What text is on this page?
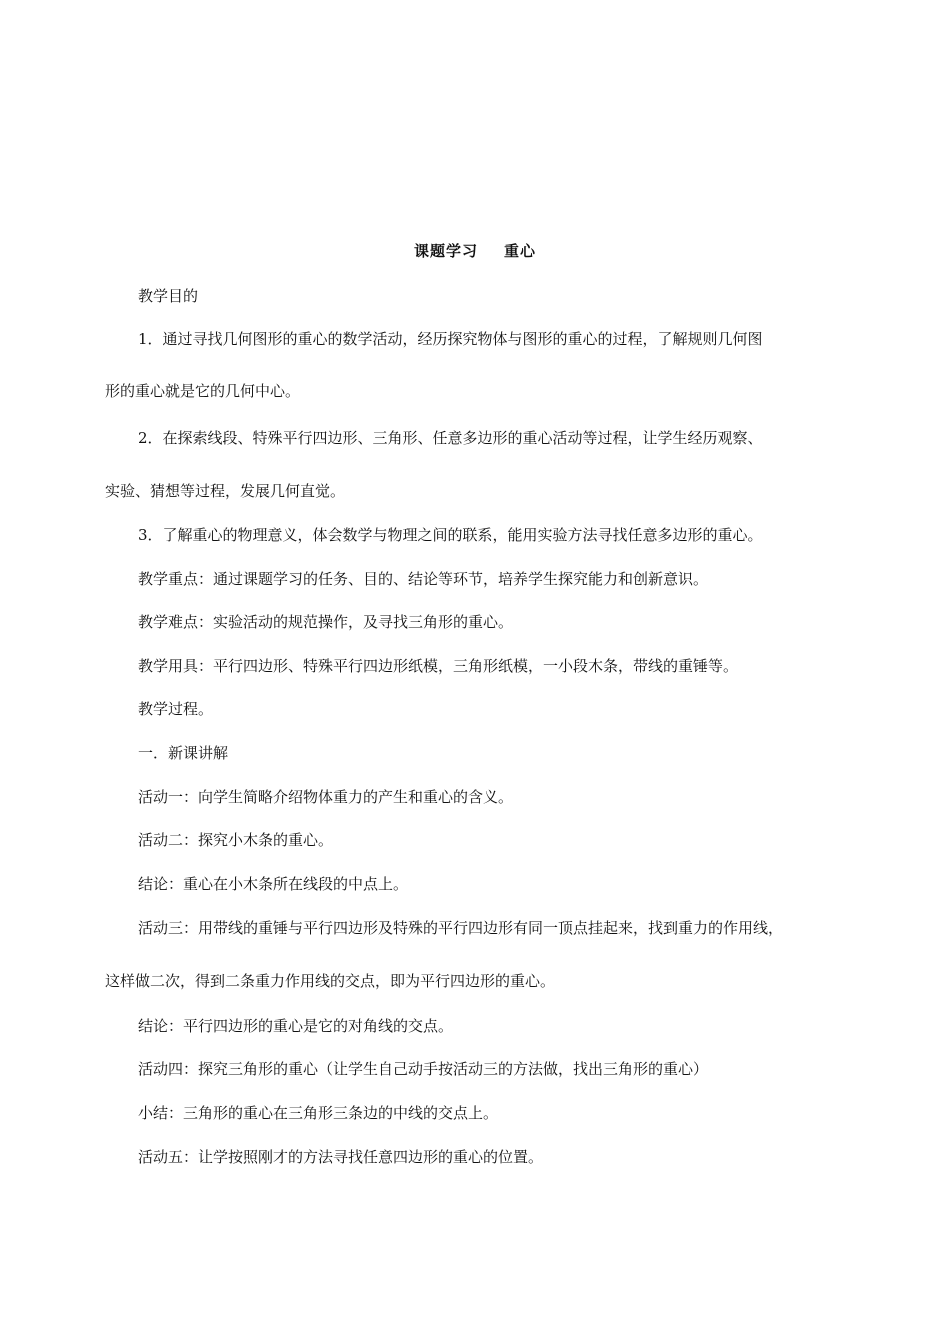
课题学习 重心
教学目的
1．通过寻找几何图形的重心的数学活动，经历探究物体与图形的重心的过程，了解规则几何图
形的重心就是它的几何中心。
2．在探索线段、特殊平行四边形、三角形、任意多边形的重心活动等过程，让学生经历观察、
实验、猜想等过程，发展几何直觉。
3．了解重心的物理意义，体会数学与物理之间的联系，能用实验方法寻找任意多边形的重心。
教学重点：通过课题学习的任务、目的、结论等环节，培养学生探究能力和创新意识。
教学难点：实验活动的规范操作，及寻找三角形的重心。
教学用具：平行四边形、特殊平行四边形纸模，三角形纸模，一小段木条，带线的重锤等。
教学过程。
一．新课讲解
活动一：向学生简略介绍物体重力的产生和重心的含义。
活动二：探究小木条的重心。
结论：重心在小木条所在线段的中点上。
活动三：用带线的重锤与平行四边形及特殊的平行四边形有同一顶点挂起来，找到重力的作用线，
这样做二次，得到二条重力作用线的交点，即为平行四边形的重心。
结论：平行四边形的重心是它的对角线的交点。
活动四：探究三角形的重心（让学生自己动手按活动三的方法做，找出三角形的重心）
小结：三角形的重心在三角形三条边的中线的交点上。
活动五：让学按照刚才的方法寻找任意四边形的重心的位置。
